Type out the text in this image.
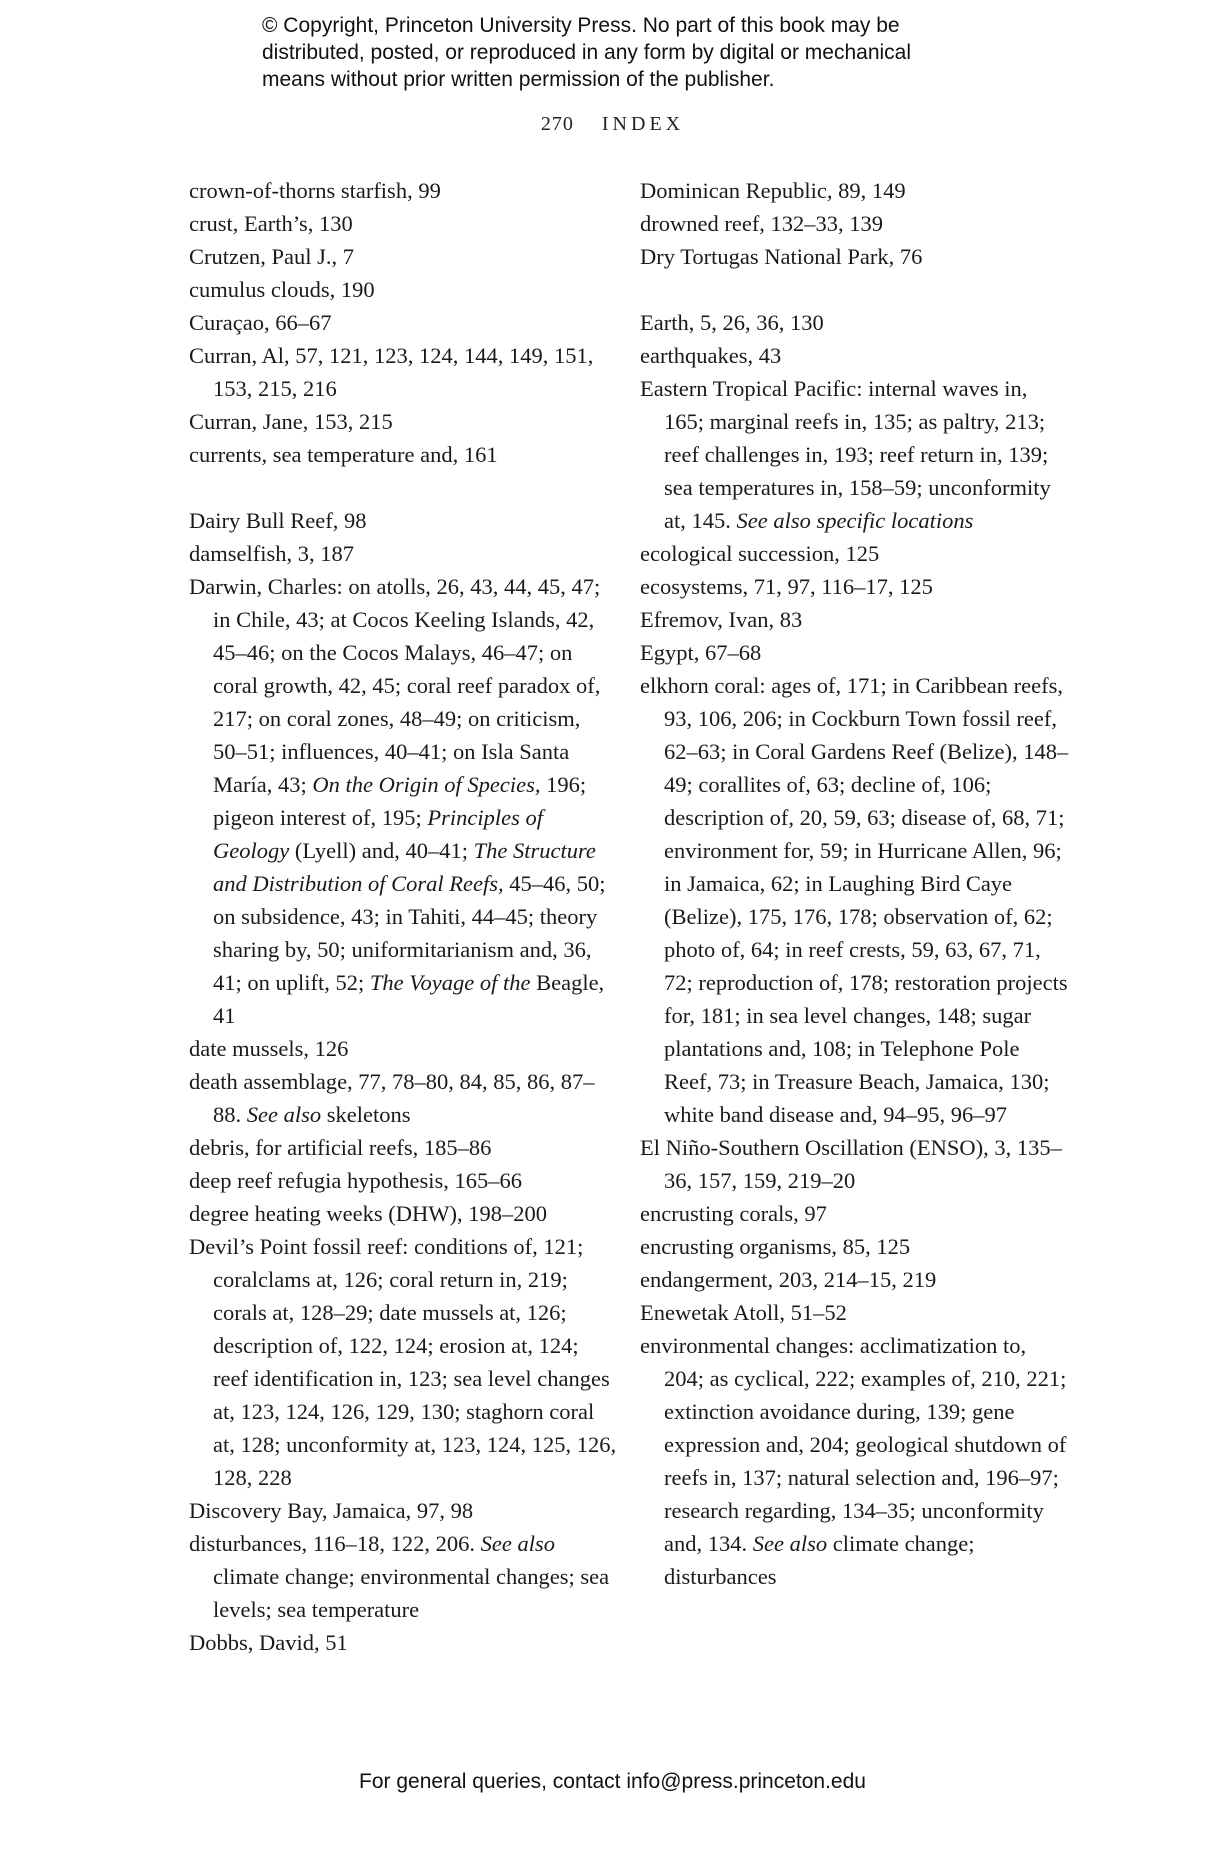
© Copyright, Princeton University Press. No part of this book may be
distributed, posted, or reproduced in any form by digital or mechanical
means without prior written permission of the publisher.
270 INDEX
crown-of-thorns starfish, 99
crust, Earth’s, 130
Crutzen, Paul J., 7
cumulus clouds, 190
Curaçao, 66–67
Curran, Al, 57, 121, 123, 124, 144, 149, 151, 153, 215, 216
Curran, Jane, 153, 215
currents, sea temperature and, 161
Dairy Bull Reef, 98
damselfish, 3, 187
Darwin, Charles: on atolls, 26, 43, 44, 45, 47; in Chile, 43; at Cocos Keeling Islands, 42, 45–46; on the Cocos Malays, 46–47; on coral growth, 42, 45; coral reef paradox of, 217; on coral zones, 48–49; on criticism, 50–51; influences, 40–41; on Isla Santa María, 43; On the Origin of Species, 196; pigeon interest of, 195; Principles of Geology (Lyell) and, 40–41; The Structure and Distribution of Coral Reefs, 45–46, 50; on subsidence, 43; in Tahiti, 44–45; theory sharing by, 50; uniformitarianism and, 36, 41; on uplift, 52; The Voyage of the Beagle, 41
date mussels, 126
death assemblage, 77, 78–80, 84, 85, 86, 87–88. See also skeletons
debris, for artificial reefs, 185–86
deep reef refugia hypothesis, 165–66
degree heating weeks (DHW), 198–200
Devil’s Point fossil reef: conditions of, 121; coralclams at, 126; coral return in, 219; corals at, 128–29; date mussels at, 126; description of, 122, 124; erosion at, 124; reef identification in, 123; sea level changes at, 123, 124, 126, 129, 130; staghorn coral at, 128; unconformity at, 123, 124, 125, 126, 128, 228
Discovery Bay, Jamaica, 97, 98
disturbances, 116–18, 122, 206. See also climate change; environmental changes; sea levels; sea temperature
Dobbs, David, 51
Dominican Republic, 89, 149
drowned reef, 132–33, 139
Dry Tortugas National Park, 76
Earth, 5, 26, 36, 130
earthquakes, 43
Eastern Tropical Pacific: internal waves in, 165; marginal reefs in, 135; as paltry, 213; reef challenges in, 193; reef return in, 139; sea temperatures in, 158–59; unconformity at, 145. See also specific locations
ecological succession, 125
ecosystems, 71, 97, 116–17, 125
Efremov, Ivan, 83
Egypt, 67–68
elkhorn coral: ages of, 171; in Caribbean reefs, 93, 106, 206; in Cockburn Town fossil reef, 62–63; in Coral Gardens Reef (Belize), 148–49; corallites of, 63; decline of, 106; description of, 20, 59, 63; disease of, 68, 71; environment for, 59; in Hurricane Allen, 96; in Jamaica, 62; in Laughing Bird Caye (Belize), 175, 176, 178; observation of, 62; photo of, 64; in reef crests, 59, 63, 67, 71, 72; reproduction of, 178; restoration projects for, 181; in sea level changes, 148; sugar plantations and, 108; in Telephone Pole Reef, 73; in Treasure Beach, Jamaica, 130; white band disease and, 94–95, 96–97
El Niño-Southern Oscillation (ENSO), 3, 135–36, 157, 159, 219–20
encrusting corals, 97
encrusting organisms, 85, 125
endangerment, 203, 214–15, 219
Enewetak Atoll, 51–52
environmental changes: acclimatization to, 204; as cyclical, 222; examples of, 210, 221; extinction avoidance during, 139; gene expression and, 204; geological shutdown of reefs in, 137; natural selection and, 196–97; research regarding, 134–35; unconformity and, 134. See also climate change; disturbances
For general queries, contact info@press.princeton.edu
